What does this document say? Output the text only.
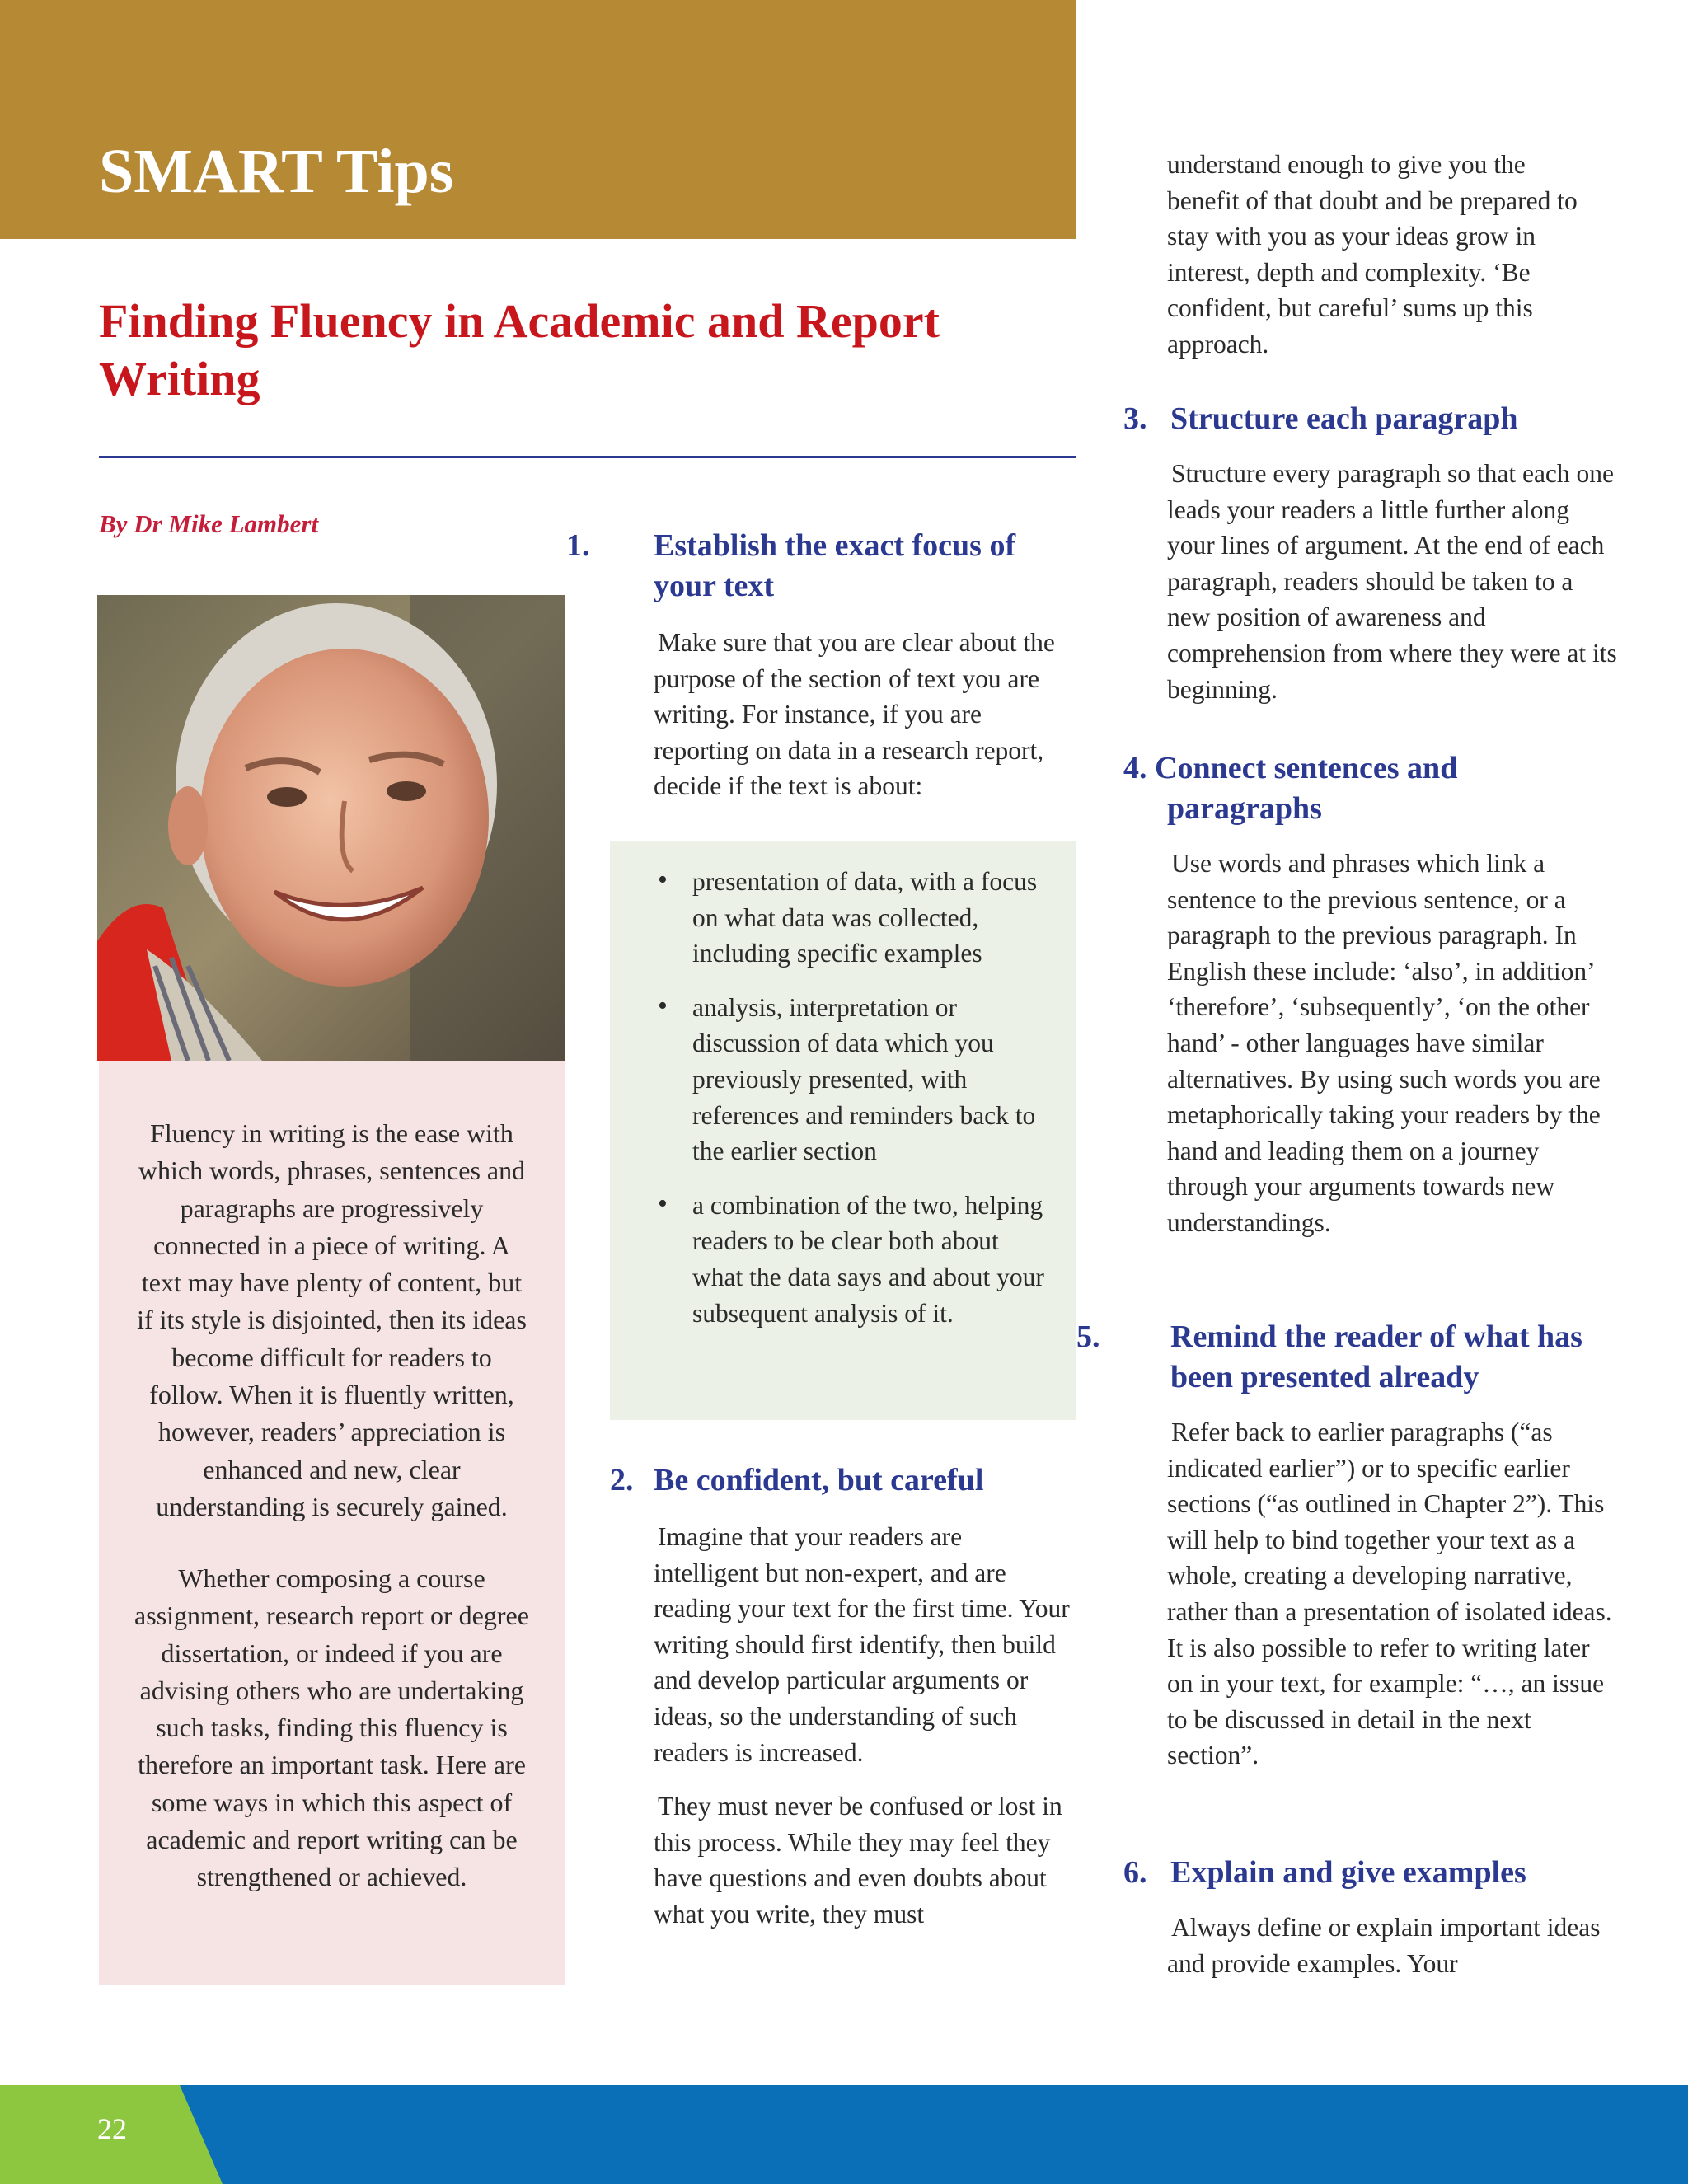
SMART Tips
Finding Fluency in Academic and Report Writing
By Dr Mike Lambert

Fluency in writing is the ease with which words, phrases, sentences and paragraphs are progressively connected in a piece of writing. A text may have plenty of content, but if its style is disjointed, then its ideas become difficult for readers to follow. When it is fluently written, however, readers’ appreciation is enhanced and new, clear understanding is securely gained.

Whether composing a course assignment, research report or degree dissertation, or indeed if you are advising others who are undertaking such tasks, finding this fluency is therefore an important task. Here are some ways in which this aspect of academic and report writing can be strengthened or achieved.

1. Establish the exact focus of your text

Make sure that you are clear about the purpose of the section of text you are writing. For instance, if you are reporting on data in a research report, decide if the text is about:

• presentation of data, with a focus on what data was collected, including specific examples
• analysis, interpretation or discussion of data which you previously presented, with references and reminders back to the earlier section
• a combination of the two, helping readers to be clear both about what the data says and about your subsequent analysis of it.

2. Be confident, but careful

Imagine that your readers are intelligent but non-expert, and are reading your text for the first time. Your writing should first identify, then build and develop particular arguments or ideas, so the understanding of such readers is increased.

They must never be confused or lost in this process. While they may feel they have questions and even doubts about what you write, they must

understand enough to give you the benefit of that doubt and be prepared to stay with you as your ideas grow in interest, depth and complexity. ‘Be confident, but careful’ sums up this approach.

3. Structure each paragraph

Structure every paragraph so that each one leads your readers a little further along your lines of argument. At the end of each paragraph, readers should be taken to a new position of awareness and comprehension from where they were at its beginning.

4. Connect sentences and
paragraphs

Use words and phrases which link a sentence to the previous sentence, or a paragraph to the previous paragraph. In English these include: ‘also’, in addition’ ‘therefore’, ‘subsequently’, ‘on the other hand’ - other languages have similar alternatives. By using such words you are metaphorically taking your readers by the hand and leading them on a journey through your arguments towards new understandings.

5. Remind the reader of what has been presented already

Refer back to earlier paragraphs (“as indicated earlier”) or to specific earlier sections (“as outlined in Chapter 2”). This will help to bind together your text as a whole, creating a developing narrative, rather than a presentation of isolated ideas. It is also possible to refer to writing later on in your text, for example: “…, an issue to be discussed in detail in the next section”.

6. Explain and give examples

Always define or explain important ideas and provide examples. Your

22
